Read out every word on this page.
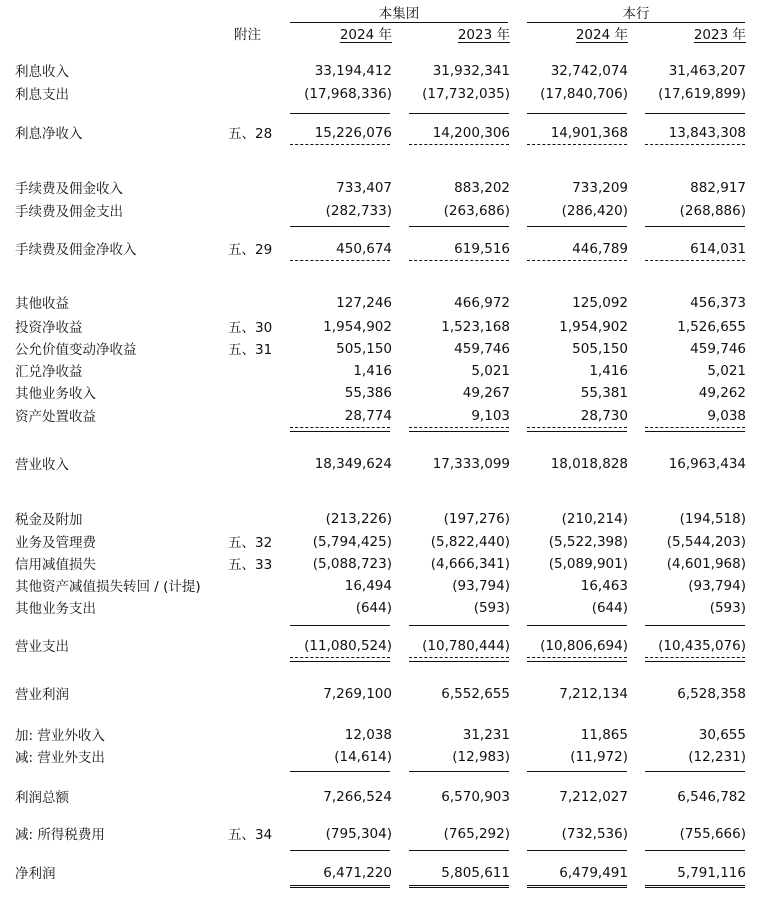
本集团	本行
附注	2024 年	2023 年	2024 年	2023 年
利息收入	33,194,412	31,932,341	32,742,074	31,463,207
利息支出	(17,968,336)	(17,732,035)	(17,840,706)	(17,619,899)
利息净收入	五、28	15,226,076	14,200,306	14,901,368	13,843,308
手续费及佣金收入	733,407	883,202	733,209	882,917
手续费及佣金支出	(282,733)	(263,686)	(286,420)	(268,886)
手续费及佣金净收入	五、29	450,674	619,516	446,789	614,031
其他收益	127,246	466,972	125,092	456,373
投资净收益	五、30	1,954,902	1,523,168	1,954,902	1,526,655
公允价值变动净收益	五、31	505,150	459,746	505,150	459,746
汇兑净收益	1,416	5,021	1,416	5,021
其他业务收入	55,386	49,267	55,381	49,262
资产处置收益	28,774	9,103	28,730	9,038
营业收入	18,349,624	17,333,099	18,018,828	16,963,434
税金及附加	(213,226)	(197,276)	(210,214)	(194,518)
业务及管理费	五、32	(5,794,425)	(5,822,440)	(5,522,398)	(5,544,203)
信用减值损失	五、33	(5,088,723)	(4,666,341)	(5,089,901)	(4,601,968)
其他资产减值损失转回 / (计提)	16,494	(93,794)	16,463	(93,794)
其他业务支出	(644)	(593)	(644)	(593)
营业支出	(11,080,524)	(10,780,444)	(10,806,694)	(10,435,076)
营业利润	7,269,100	6,552,655	7,212,134	6,528,358
加: 营业外收入	12,038	31,231	11,865	30,655
减: 营业外支出	(14,614)	(12,983)	(11,972)	(12,231)
利润总额	7,266,524	6,570,903	7,212,027	6,546,782
减: 所得税费用	五、34	(795,304)	(765,292)	(732,536)	(755,666)
净利润	6,471,220	5,805,611	6,479,491	5,791,116
